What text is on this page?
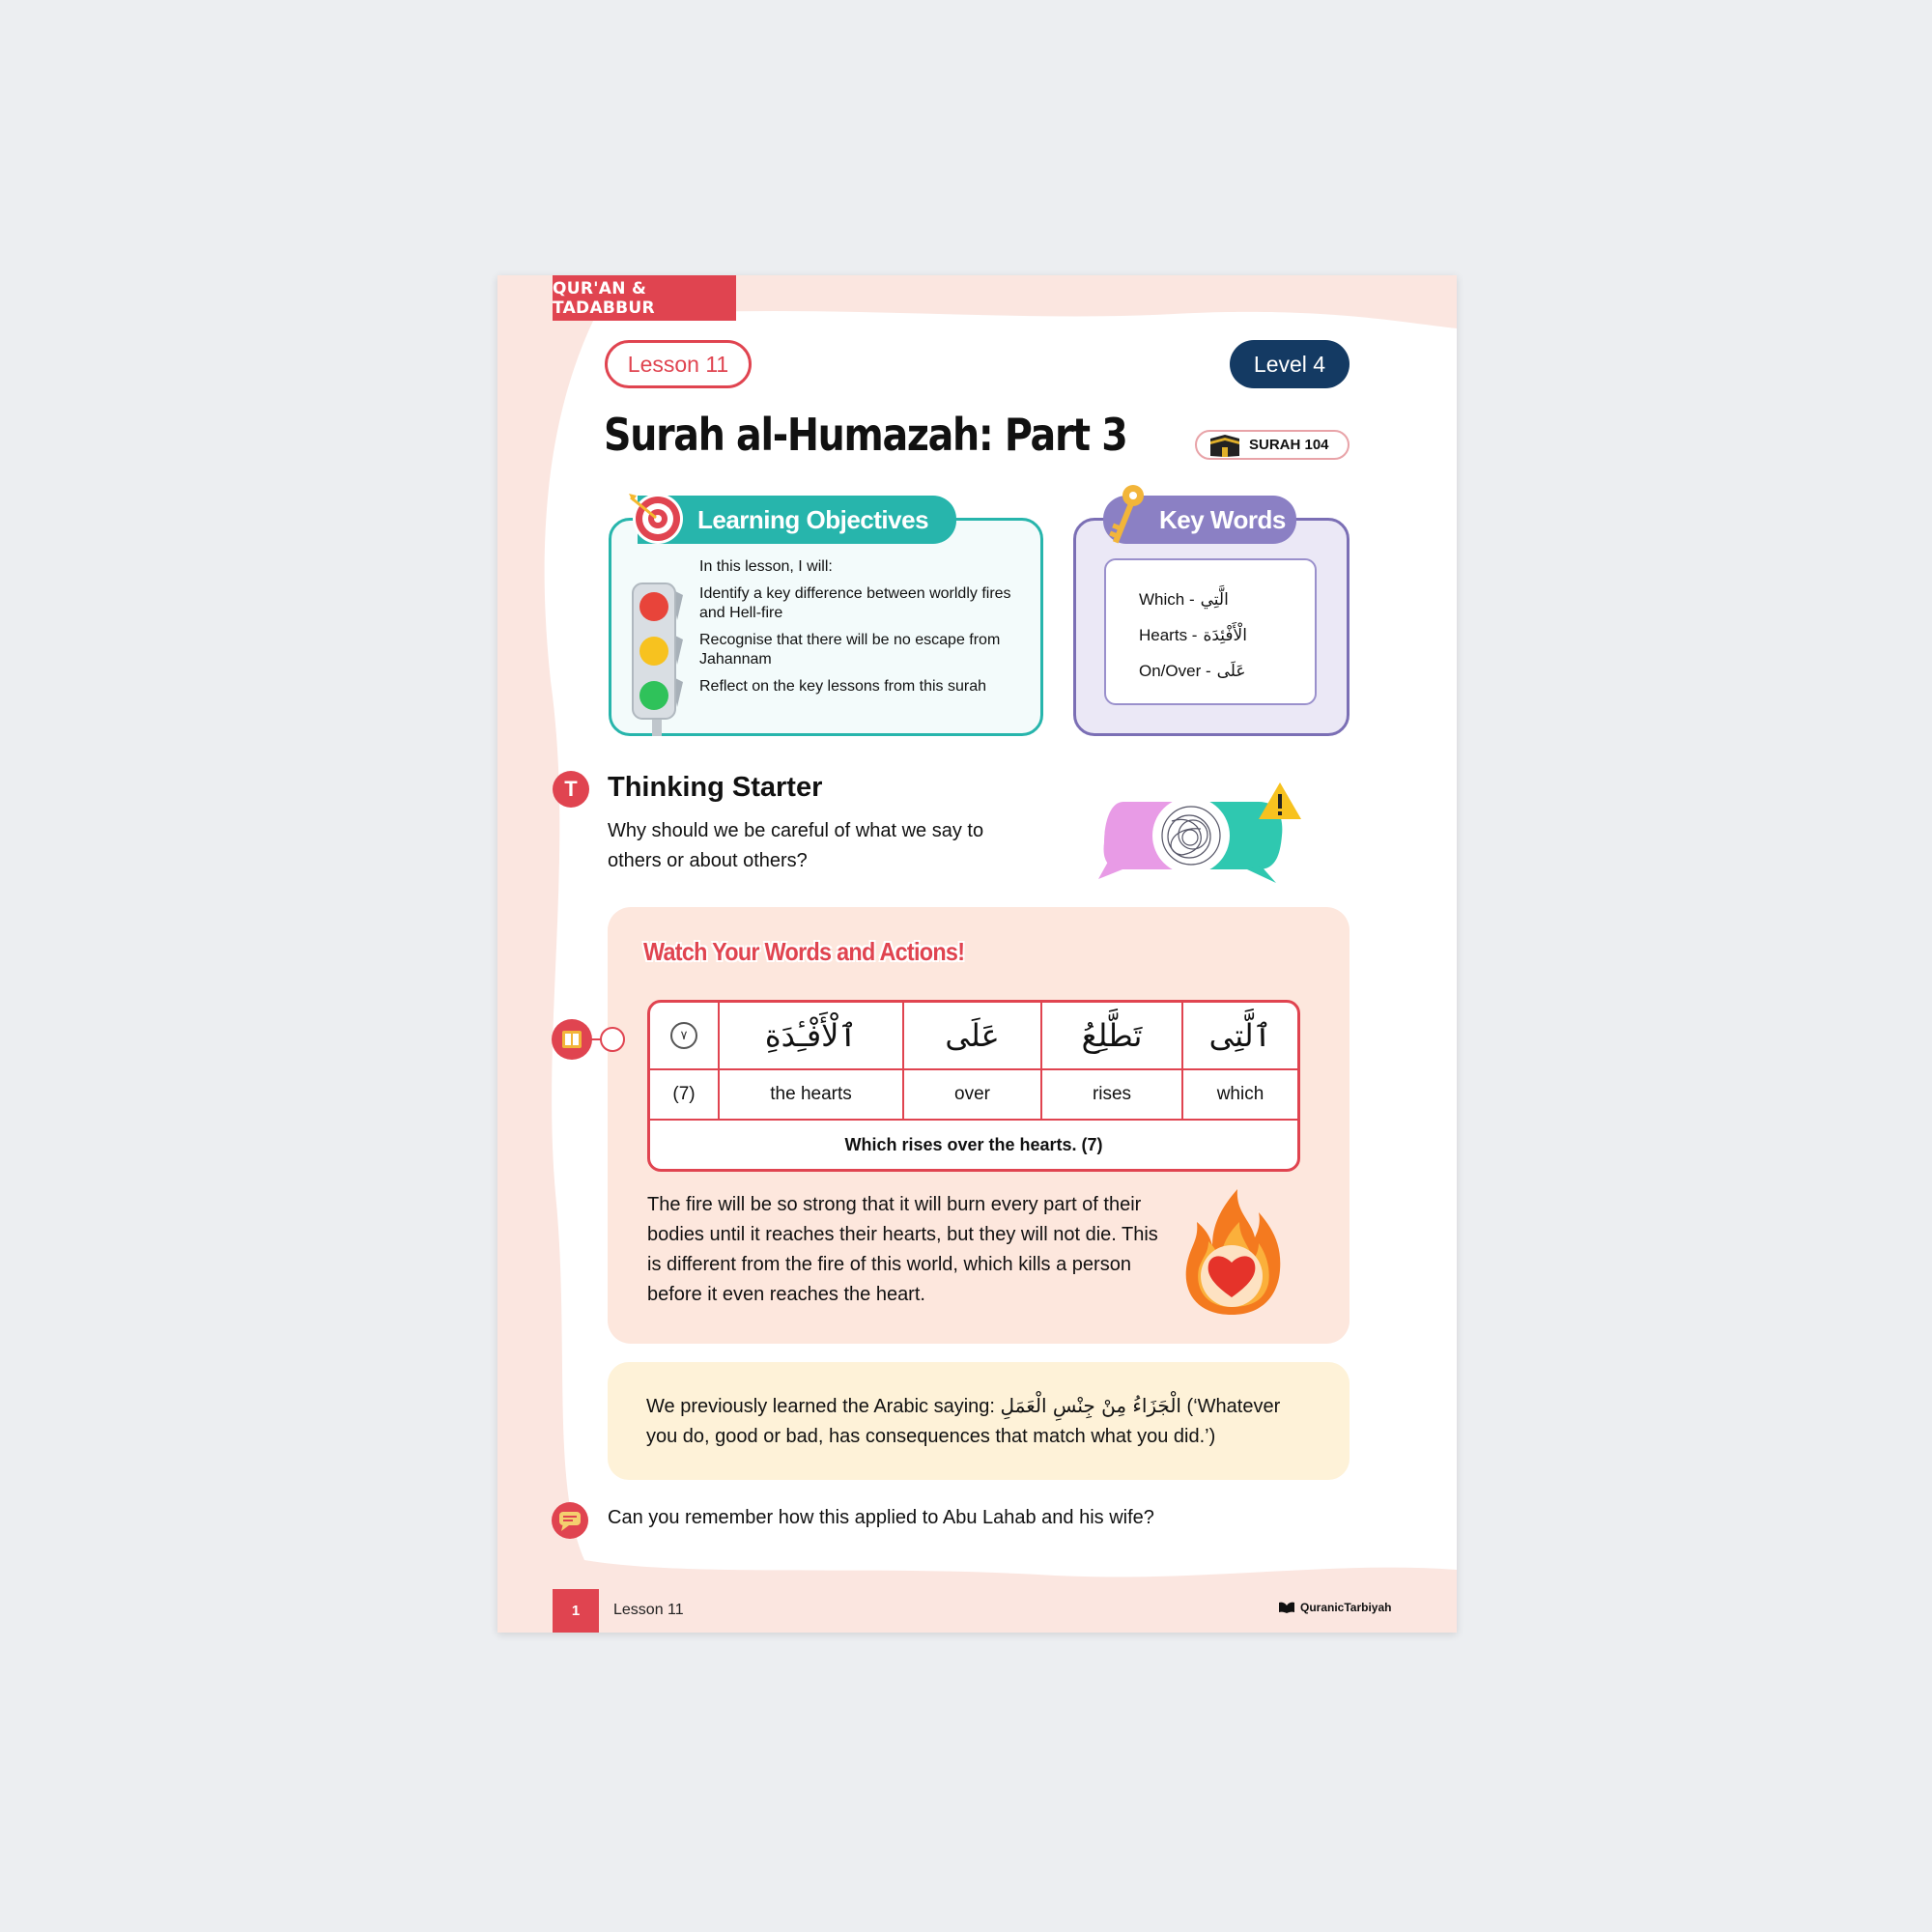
QUR'AN & TADABBUR
Lesson 11	Level 4
Surah al-Humazah: Part 3	SURAH 104
Learning Objectives
In this lesson, I will:
Identify a key difference between worldly fires and Hell-fire
Recognise that there will be no escape from Jahannam
Reflect on the key lessons from this surah
Key Words
Which - الَّتِي
Hearts - الْأَفْئِدَة
On/Over - عَلَى
T	Thinking Starter
Why should we be careful of what we say to others or about others?
Watch Your Words and Actions!
٧	ٱلْأَفْـِٔدَةِ	عَلَى	تَطَّلِعُ	ٱلَّتِى
(7)	the hearts	over	rises	which
Which rises over the hearts. (7)
The fire will be so strong that it will burn every part of their bodies until it reaches their hearts, but they will not die. This is different from the fire of this world, which kills a person before it even reaches the heart.
We previously learned the Arabic saying: الْجَزَاءُ مِنْ جِنْسِ الْعَمَلِ (‘Whatever you do, good or bad, has consequences that match what you did.’)
Can you remember how this applied to Abu Lahab and his wife?
1	Lesson 11	QuranicTarbiyah
